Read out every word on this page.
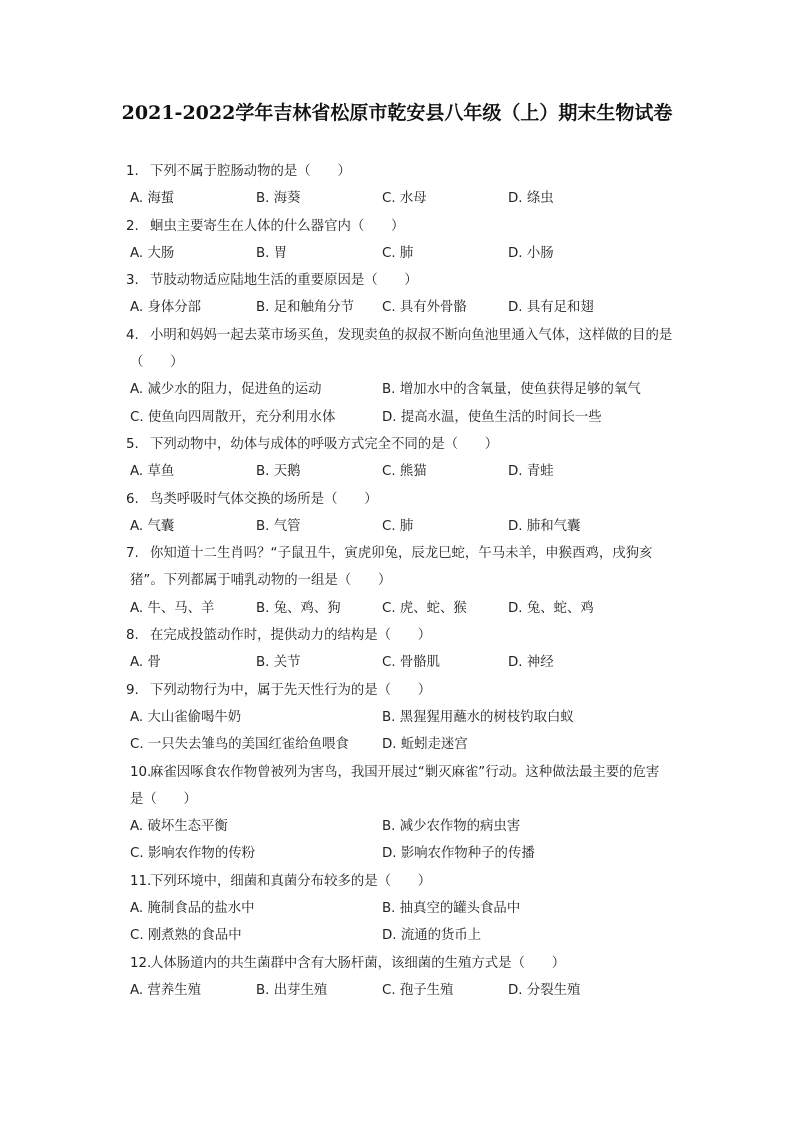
2021-2022学年吉林省松原市乾安县八年级（上）期末生物试卷
1. 下列不属于腔肠动物的是（　　）
A. 海蜇	B. 海葵	C. 水母	D. 绦虫
2. 蛔虫主要寄生在人体的什么器官内（　　）
A. 大肠	B. 胃	C. 肺	D. 小肠
3. 节肢动物适应陆地生活的重要原因是（　　）
A. 身体分部	B. 足和触角分节 C. 具有外骨骼	D. 具有足和翅
4. 小明和妈妈一起去菜市场买鱼，发现卖鱼的叔叔不断向鱼池里通入气体，这样做的目的是
（　　）
A. 减少水的阻力，促进鱼的运动	B. 增加水中的含氧量，使鱼获得足够的氧气
C. 使鱼向四周散开，充分利用水体	D. 提高水温，使鱼生活的时间长一些
5. 下列动物中，幼体与成体的呼吸方式完全不同的是（　　）
A. 草鱼	B. 天鹅	C. 熊猫	D. 青蛙
6. 鸟类呼吸时气体交换的场所是（　　）
A. 气囊	B. 气管	C. 肺	D. 肺和气囊
7. 你知道十二生肖吗？“子鼠丑牛，寅虎卯兔，辰龙巳蛇，午马未羊，申猴酉鸡，戌狗亥
猪”。下列都属于哺乳动物的一组是（　　）
A. 牛、马、羊	B. 兔、鸡、狗	C. 虎、蛇、猴	D. 兔、蛇、鸡
8. 在完成投篮动作时，提供动力的结构是（　　）
A. 骨	B. 关节	C. 骨骼肌	D. 神经
9. 下列动物行为中，属于先天性行为的是（　　）
A. 大山雀偷喝牛奶	B. 黑猩猩用蘸水的树枝钓取白蚁
C. 一只失去雏鸟的美国红雀给鱼喂食 D. 蚯蚓走迷宫
10.
麻雀因啄食农作物曾被列为害鸟，我国开展过“剿灭麻雀”行动。这种做法最主要的危害
是（　　）
A. 破坏生态平衡	B. 减少农作物的病虫害
C. 影响农作物的传粉	D. 影响农作物种子的传播
11.
下列环境中，细菌和真菌分布较多的是（　　）
A. 腌制食品的盐水中	B. 抽真空的罐头食品中
C. 刚煮熟的食品中	D. 流通的货币上
12.
人体肠道内的共生菌群中含有大肠杆菌，该细菌的生殖方式是（　　）
A. 营养生殖	B. 出芽生殖	C. 孢子生殖	D. 分裂生殖
